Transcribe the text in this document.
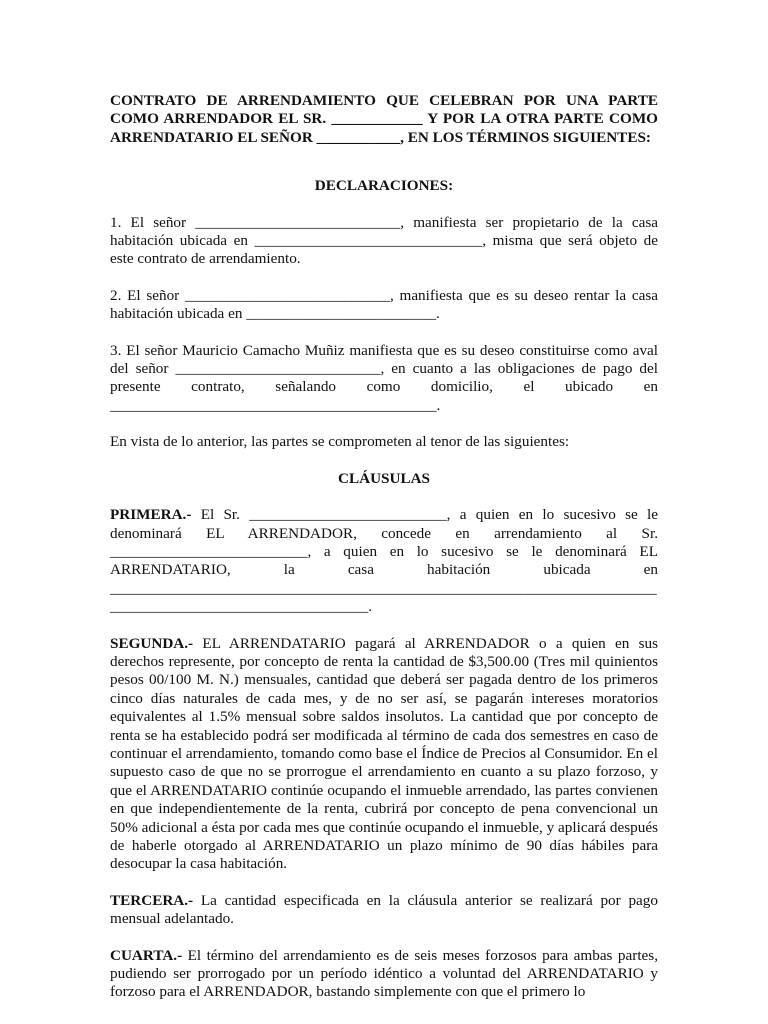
CONTRATO DE ARRENDAMIENTO QUE CELEBRAN POR UNA PARTE COMO ARRENDADOR EL SR. ____________ Y POR LA OTRA PARTE COMO ARRENDATARIO EL SEÑOR ___________, EN LOS TÉRMINOS SIGUIENTES:
DECLARACIONES:

1. El señor ___________________________, manifiesta ser propietario de la casa habitación ubicada en ______________________________, misma que será objeto de este contrato de arrendamiento.

2. El señor ___________________________, manifiesta que es su deseo rentar la casa habitación ubicada en _________________________.

3. El señor Mauricio Camacho Muñiz manifiesta que es su deseo constituirse como aval del señor ___________________________, en cuanto a las obligaciones de pago del presente contrato, señalando como domicilio, el ubicado en ___________________________________________.

En vista de lo anterior, las partes se comprometen al tenor de las siguientes:

CLÁUSULAS

PRIMERA.- El Sr. __________________________, a quien en lo sucesivo se le denominará EL ARRENDADOR, concede en arrendamiento al Sr. __________________________, a quien en lo sucesivo se le denominará EL ARRENDATARIO, la casa habitación ubicada en ________________________________________________________________________ __________________________________.

SEGUNDA.- EL ARRENDATARIO pagará al ARRENDADOR o a quien en sus derechos represente, por concepto de renta la cantidad de $3,500.00 (Tres mil quinientos pesos 00/100 M. N.) mensuales, cantidad que deberá ser pagada dentro de los primeros cinco días naturales de cada mes, y de no ser así, se pagarán intereses moratorios equivalentes al 1.5% mensual sobre saldos insolutos. La cantidad que por concepto de renta se ha establecido podrá ser modificada al término de cada dos semestres en caso de continuar el arrendamiento, tomando como base el Índice de Precios al Consumidor. En el supuesto caso de que no se prorrogue el arrendamiento en cuanto a su plazo forzoso, y que el ARRENDATARIO continúe ocupando el inmueble arrendado, las partes convienen en que independientemente de la renta, cubrirá por concepto de pena convencional un 50% adicional a ésta por cada mes que continúe ocupando el inmueble, y aplicará después de haberle otorgado al ARRENDATARIO un plazo mínimo de 90 días hábiles para desocupar la casa habitación.

TERCERA.- La cantidad especificada en la cláusula anterior se realizará por pago mensual adelantado.

CUARTA.- El término del arrendamiento es de seis meses forzosos para ambas partes, pudiendo ser prorrogado por un período idéntico a voluntad del ARRENDATARIO y forzoso para el ARRENDADOR, bastando simplemente con que el primero lo
